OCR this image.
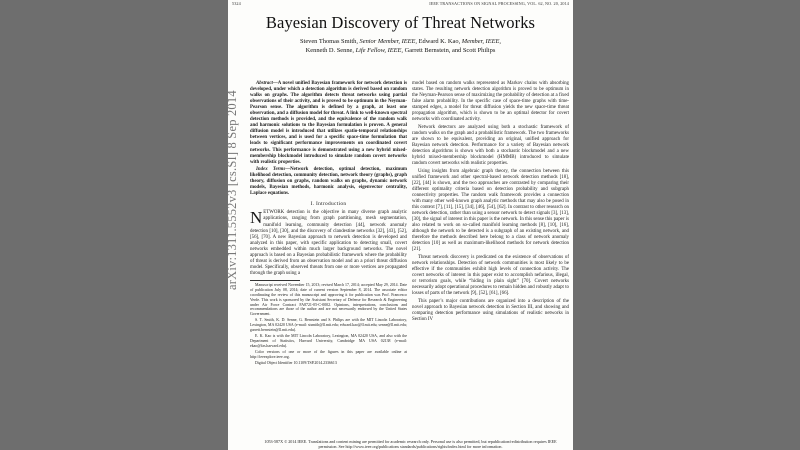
5324	IEEE TRANSACTIONS ON SIGNAL PROCESSING, VOL. 62, NO. 20, 2014
Bayesian Discovery of Threat Networks
Steven Thomas Smith, Senior Member, IEEE, Edward K. Kao, Member, IEEE,
Kenneth D. Senne, Life Fellow, IEEE, Garrett Bernstein, and Scott Philips
arXiv:1311.5552v3 [cs.SI] 8 Sep 2014

Abstract—A novel unified Bayesian framework for network detection is developed, under which a detection algorithm is derived based on random walks on graphs. The algorithm detects threat networks using partial observations of their activity, and is proved to be optimum in the Neyman-Pearson sense. The algorithm is defined by a graph, at least one observation, and a diffusion model for threat. A link to well-known spectral detection methods is provided, and the equivalence of the random walk and harmonic solutions to the Bayesian formulation is proven. A general diffusion model is introduced that utilizes spatio-temporal relationships between vertices, and is used for a specific space-time formulation that leads to significant performance improvements on coordinated covert networks. This performance is demonstrated using a new hybrid mixed-membership blockmodel introduced to simulate random covert networks with realistic properties.

Index Terms—Network detection, optimal detection, maximum likelihood detection, community detection, network theory (graphs), graph theory, diffusion on graphs, random walks on graphs, dynamic network models, Bayesian methods, harmonic analysis, eigenvector centrality, Laplace equations.

I. Introduction

NETWORK detection is the objective in many diverse graph analytic applications, ranging from graph partitioning, mesh segmentation, manifold learning, community detection [44], network anomaly detection [10], [30], and the discovery of clandestine networks [32], [43], [52], [56], [70]. A new Bayesian approach to network detection is developed and analyzed in this paper, with specific application to detecting small, covert networks embedded within much larger background networks. The novel approach is based on a Bayesian probabilistic framework where the probability of threat is derived from an observation model and an a priori threat diffusion model. Specifically, observed threats from one or more vertices are propagated through the graph using a

Manuscript received November 15, 2013; revised March 17, 2014; accepted May 29, 2014. Date of publication July 08, 2014; date of current version September 8, 2014. The associate editor coordinating the review of this manuscript and approving it for publication was Prof. Francesco Verde. This work is sponsored by the Assistant Secretary of Defense for Research & Engineering under Air Force Contract FA8721-05-C-0002. Opinions, interpretations, conclusions and recommendations are those of the author and are not necessarily endorsed by the United States Government.

S. T. Smith, K. D. Senne, G. Bernstein and S. Philips are with the MIT Lincoln Laboratory, Lexington, MA 02420 USA (e-mail: stsmith@ll.mit.edu; edward.kao@ll.mit.edu; senne@ll.mit.edu; garrett.bernstein@ll.mit.edu).

E. K. Kao is with the MIT Lincoln Laboratory, Lexington, MA 02420 USA, and also with the Department of Statistics, Harvard University, Cambridge MA USA 02138 (e-mail: ekao@fas.harvard.edu).

Color versions of one or more of the figures in this paper are available online at http://ieeexplore.ieee.org.

Digital Object Identifier 10.1109/TSP.2014.2336613

model based on random walks represented as Markov chains with absorbing states. The resulting network detection algorithm is proved to be optimum in the Neyman-Pearson sense of maximizing the probability of detection at a fixed false alarm probability. In the specific case of space-time graphs with time-stamped edges, a model for threat diffusion yields the new space-time threat propagation algorithm, which is shown to be an optimal detector for covert networks with coordinated activity.

Network detectors are analyzed using both a stochastic framework of random walks on the graph and a probabilistic framework. The two frameworks are shown to be equivalent, providing an original, unified approach for Bayesian network detection. Performance for a variety of Bayesian network detection algorithms is shown with both a stochastic blockmodel and a new hybrid mixed-membership blockmodel (HMMB) introduced to simulate random covert networks with realistic properties.

Using insights from algebraic graph theory, the connection between this unified framework and other spectral-based network detection methods [18], [22], [44] is shown, and the two approaches are contrasted by comparing their different optimality criteria based on detection probability and subgraph connectivity properties. The random walk framework provides a connection with many other well-known graph analytic methods that may also be posed in this context [7], [11], [15], [34], [46], [54], [62]. In contrast to other research on network detection, rather than using a sensor network to detect signals [3], [13], [30], the signal of interest in this paper is the network. In this sense this paper is also related to work on so-called manifold learning methods [8], [10], [16], although the network to be detected is a subgraph of an existing network, and therefore the methods described here belong to a class of network anomaly detection [10] as well as maximum-likelihood methods for network detection [21].

Threat network discovery is predicated on the existence of observations of network relationships. Detection of network communities is most likely to be effective if the communities exhibit high levels of connection activity. The covert networks of interest in this paper exist to accomplish nefarious, illegal, or terrorism goals, while “hiding in plain sight” [70]. Covert networks necessarily adopt operational procedures to remain hidden and robustly adapt to losses of parts of the network [9], [52], [61], [66].

This paper’s major contributions are organized into a description of the novel approach to Bayesian network detection in Section III, and showing and comparing detection performance using simulations of realistic networks in Section IV

1053-587X © 2014 IEEE. Translations and content mining are permitted for academic research only. Personal use is also permitted, but republication/redistribution requires IEEE permission. See http://www.ieee.org/publications standards/publications/rights/index.html for more information.
